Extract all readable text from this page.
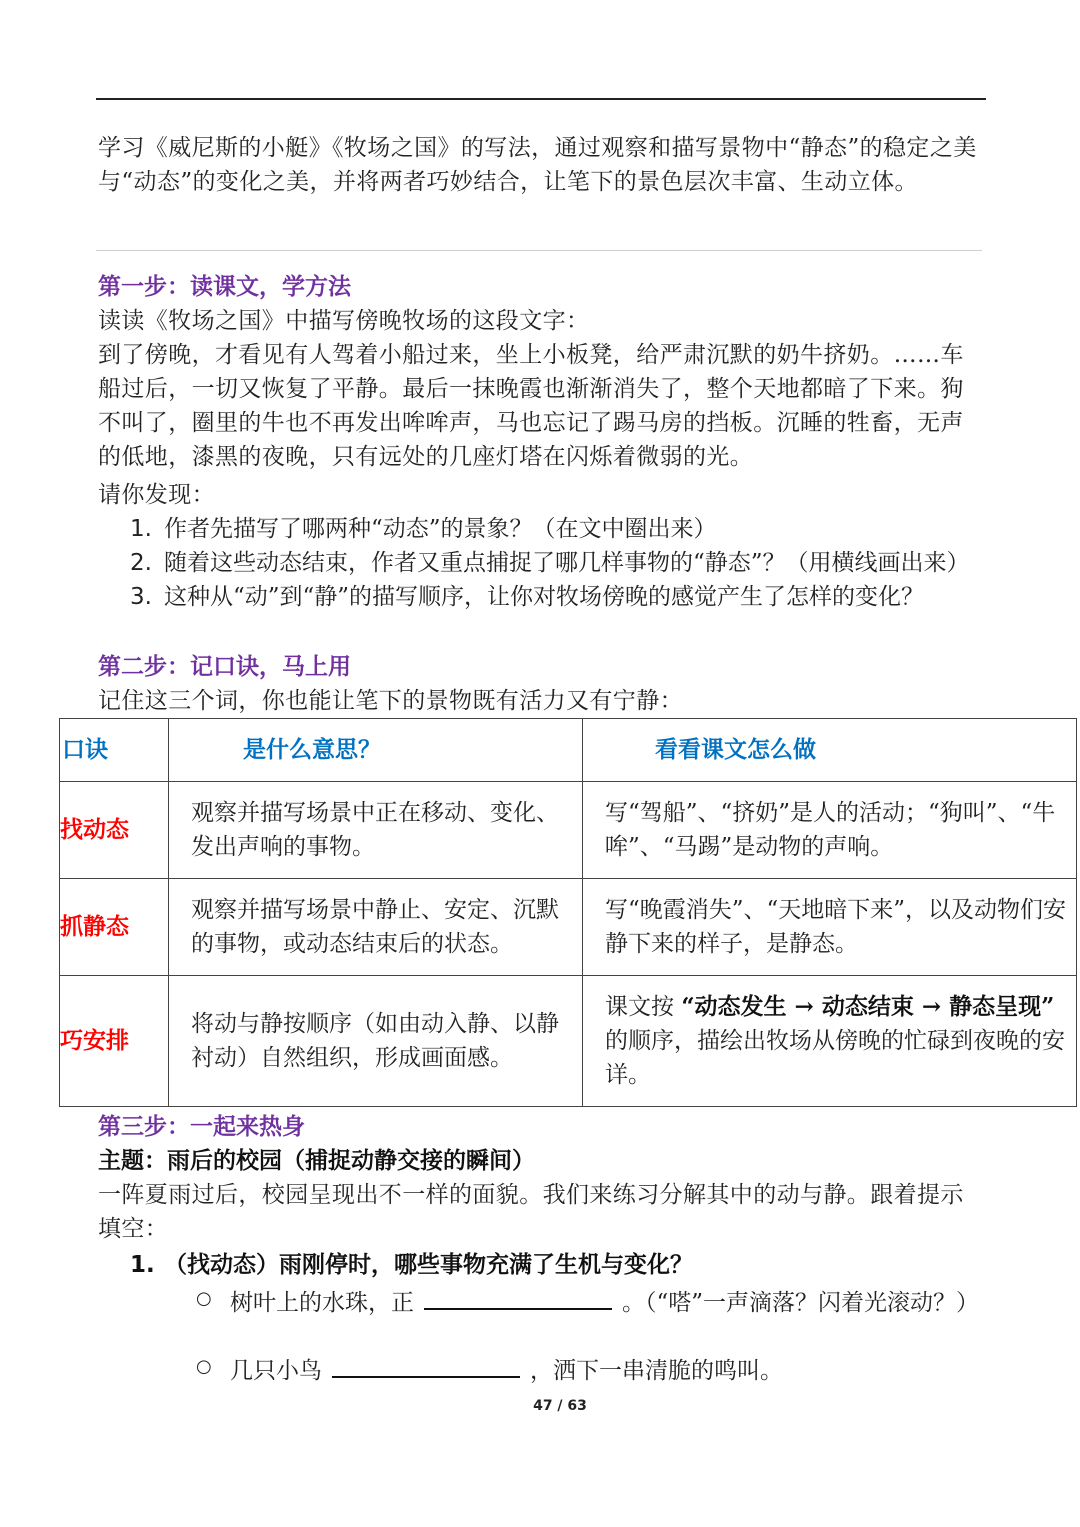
学习《威尼斯的小艇》《牧场之国》的写法，通过观察和描写景物中“静态”的稳定之美与“动态”的变化之美，并将两者巧妙结合，让笔下的景色层次丰富、生动立体。

第一步：读课文，学方法

读读《牧场之国》中描写傍晚牧场的这段文字：

到了傍晚，才看见有人驾着小船过来，坐上小板凳，给严肃沉默的奶牛挤奶。……车船过后，一切又恢复了平静。最后一抹晚霞也渐渐消失了，整个天地都暗了下来。狗不叫了，圈里的牛也不再发出哞哞声，马也忘记了踢马房的挡板。沉睡的牲畜，无声的低地，漆黑的夜晚，只有远处的几座灯塔在闪烁着微弱的光。

请你发现：

1. 作者先描写了哪两种“动态”的景象？（在文中圈出来）
2. 随着这些动态结束，作者又重点捕捉了哪几样事物的“静态”？（用横线画出来）
3. 这种从“动”到“静”的描写顺序，让你对牧场傍晚的感觉产生了怎样的变化？

第二步：记口诀，马上用

记住这三个词，你也能让笔下的景物既有活力又有宁静：

口诀	是什么意思？	看看课文怎么做
找动态	观察并描写场景中正在移动、变化、发出声响的事物。	写“驾船”、“挤奶”是人的活动；“狗叫”、“牛哞”、“马踢”是动物的声响。
抓静态	观察并描写场景中静止、安定、沉默的事物，或动态结束后的状态。	写“晚霞消失”、“天地暗下来”，以及动物们安静下来的样子，是静态。
巧安排	将动与静按顺序（如由动入静、以静衬动）自然组织，形成画面感。	课文按 “动态发生 → 动态结束 → 静态呈现” 的顺序，描绘出牧场从傍晚的忙碌到夜晚的安详。

第三步：一起来热身

主题：雨后的校园（捕捉动静交接的瞬间）

一阵夏雨过后，校园呈现出不一样的面貌。我们来练习分解其中的动与静。跟着提示填空：

1. （找动态）雨刚停时，哪些事物充满了生机与变化？
○ 树叶上的水珠，正	。（“嗒”一声滴落？闪着光滚动？）
○ 几只小鸟	，洒下一串清脆的鸣叫。
47 / 63
